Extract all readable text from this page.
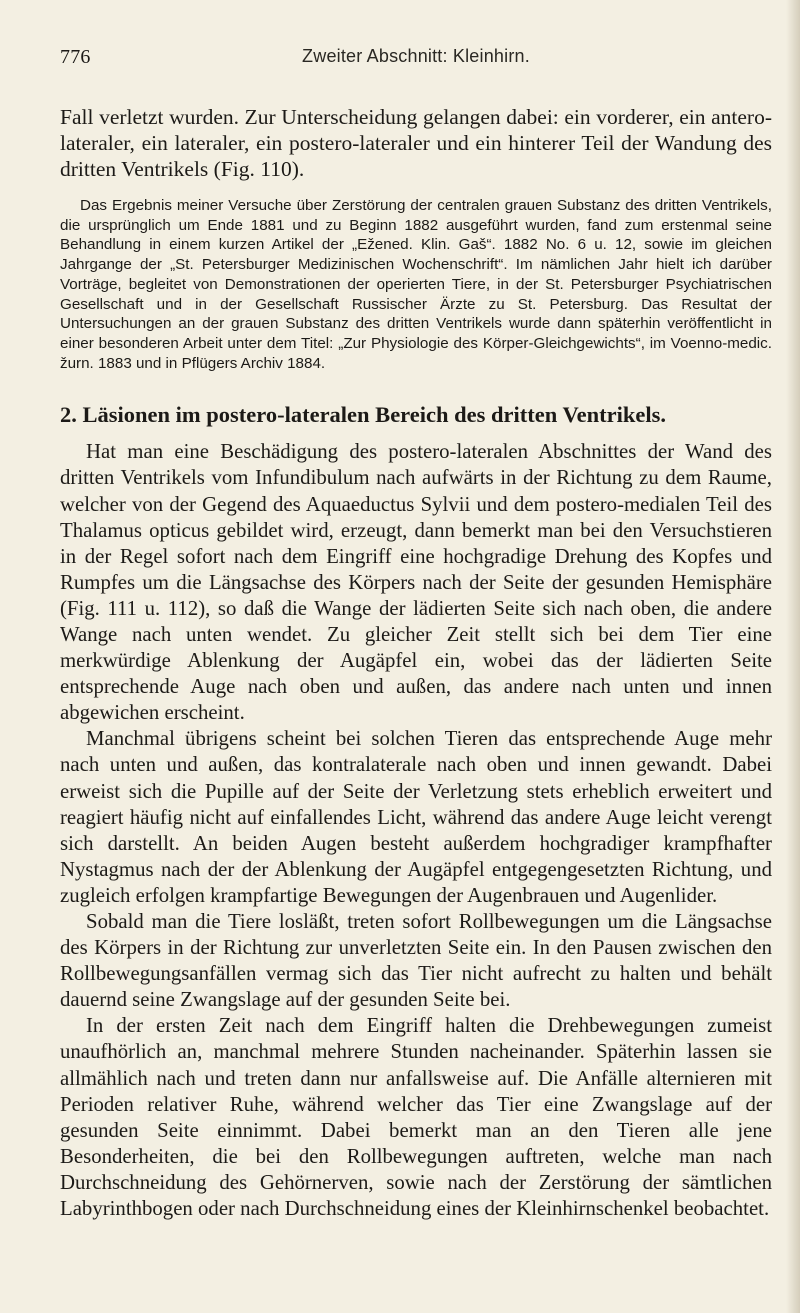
776	Zweiter Abschnitt: Kleinhirn.

Fall verletzt wurden. Zur Unterscheidung gelangen dabei: ein vorderer, ein antero-lateraler, ein lateraler, ein postero-lateraler und ein hinterer Teil der Wandung des dritten Ventrikels (Fig. 110).

Das Ergebnis meiner Versuche über Zerstörung der centralen grauen Substanz des dritten Ventrikels, die ursprünglich um Ende 1881 und zu Beginn 1882 ausgeführt wurden, fand zum erstenmal seine Behandlung in einem kurzen Artikel der „Ežened. Klin. Gaš“. 1882 No. 6 u. 12, sowie im gleichen Jahrgange der „St. Petersburger Medizinischen Wochenschrift“. Im nämlichen Jahr hielt ich darüber Vorträge, begleitet von Demonstrationen der operierten Tiere, in der St. Petersburger Psychiatrischen Gesellschaft und in der Gesellschaft Russischer Ärzte zu St. Petersburg. Das Resultat der Untersuchungen an der grauen Substanz des dritten Ventrikels wurde dann späterhin veröffentlicht in einer besonderen Arbeit unter dem Titel: „Zur Physiologie des Körper-Gleichgewichts“, im Voenno-medic. žurn. 1883 und in Pflügers Archiv 1884.

2. Läsionen im postero-lateralen Bereich des dritten Ventrikels.

Hat man eine Beschädigung des postero-lateralen Abschnittes der Wand des dritten Ventrikels vom Infundibulum nach aufwärts in der Richtung zu dem Raume, welcher von der Gegend des Aquaeductus Sylvii und dem postero-medialen Teil des Thalamus opticus gebildet wird, erzeugt, dann bemerkt man bei den Versuchstieren in der Regel sofort nach dem Eingriff eine hochgradige Drehung des Kopfes und Rumpfes um die Längsachse des Körpers nach der Seite der gesunden Hemisphäre (Fig. 111 u. 112), so daß die Wange der lädierten Seite sich nach oben, die andere Wange nach unten wendet. Zu gleicher Zeit stellt sich bei dem Tier eine merkwürdige Ablenkung der Augäpfel ein, wobei das der lädierten Seite entsprechende Auge nach oben und außen, das andere nach unten und innen abgewichen erscheint.

Manchmal übrigens scheint bei solchen Tieren das entsprechende Auge mehr nach unten und außen, das kontralaterale nach oben und innen gewandt. Dabei erweist sich die Pupille auf der Seite der Verletzung stets erheblich erweitert und reagiert häufig nicht auf einfallendes Licht, während das andere Auge leicht verengt sich darstellt. An beiden Augen besteht außerdem hochgradiger krampfhafter Nystagmus nach der der Ablenkung der Augäpfel entgegengesetzten Richtung, und zugleich erfolgen krampfartige Bewegungen der Augenbrauen und Augenlider.

Sobald man die Tiere losläßt, treten sofort Rollbewegungen um die Längsachse des Körpers in der Richtung zur unverletzten Seite ein. In den Pausen zwischen den Rollbewegungsanfällen vermag sich das Tier nicht aufrecht zu halten und behält dauernd seine Zwangslage auf der gesunden Seite bei.

In der ersten Zeit nach dem Eingriff halten die Drehbewegungen zumeist unaufhörlich an, manchmal mehrere Stunden nacheinander. Späterhin lassen sie allmählich nach und treten dann nur anfallsweise auf. Die Anfälle alternieren mit Perioden relativer Ruhe, während welcher das Tier eine Zwangslage auf der gesunden Seite einnimmt. Dabei bemerkt man an den Tieren alle jene Besonderheiten, die bei den Rollbewegungen auftreten, welche man nach Durchschneidung des Gehörnerven, sowie nach der Zerstörung der sämtlichen Labyrinthbogen oder nach Durchschneidung eines der Kleinhirnschenkel beobachtet.
